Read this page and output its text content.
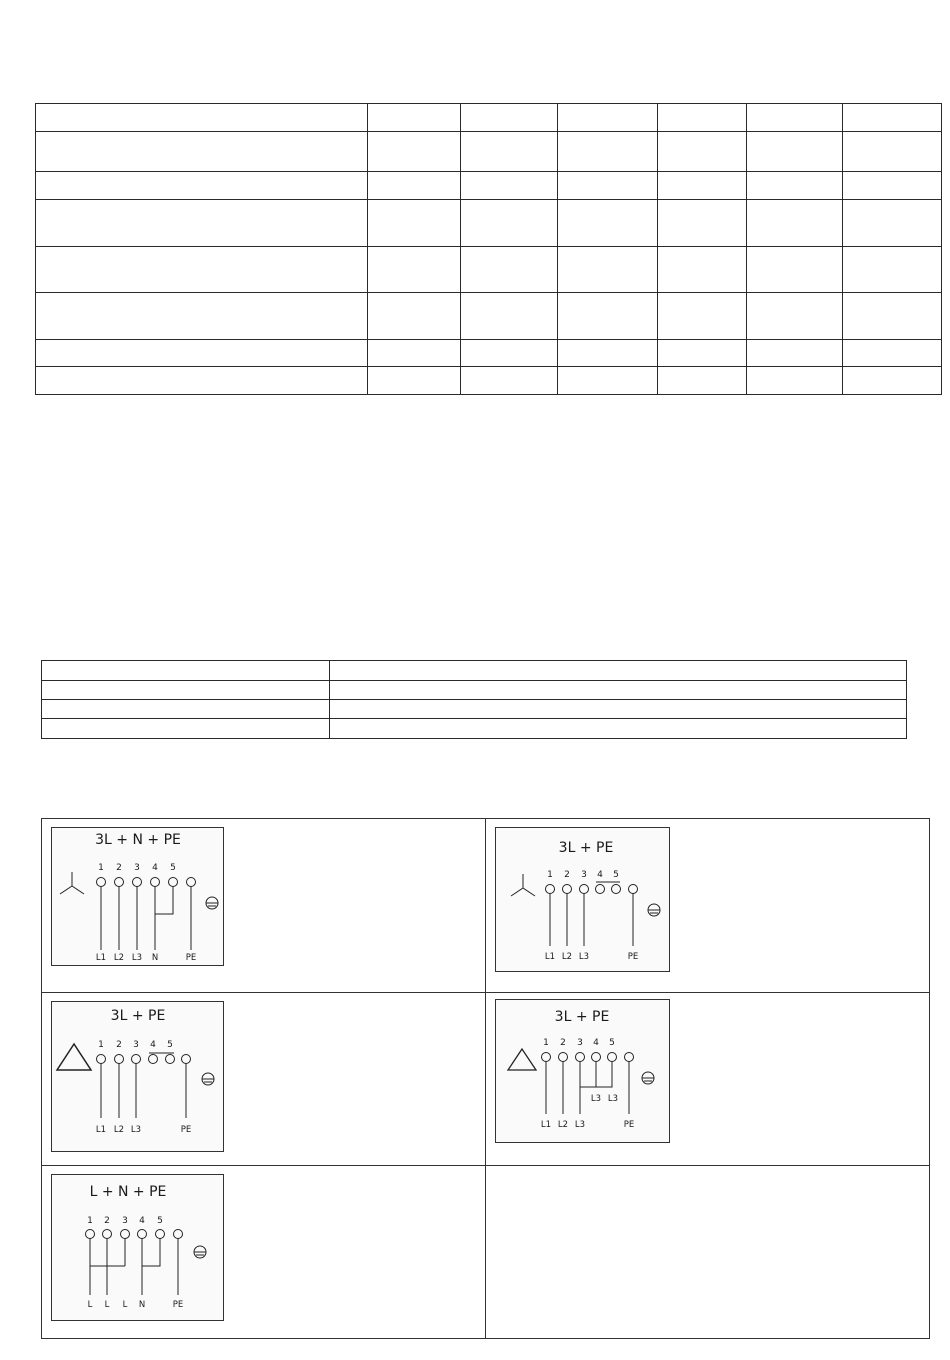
3L + N + PE
1 2 3 4 5
L1 L2 L3 N	PE
3L + PE
1 2 3 4 5
L1 L2 L3	PE
3L + PE
1 2 3 4 5
L1 L2 L3	PE
3L + PE
1 2 3 4 5
L3 L3
L1 L2 L3	PE
L + N + PE
1 2 3 4 5
L L L N	PE
